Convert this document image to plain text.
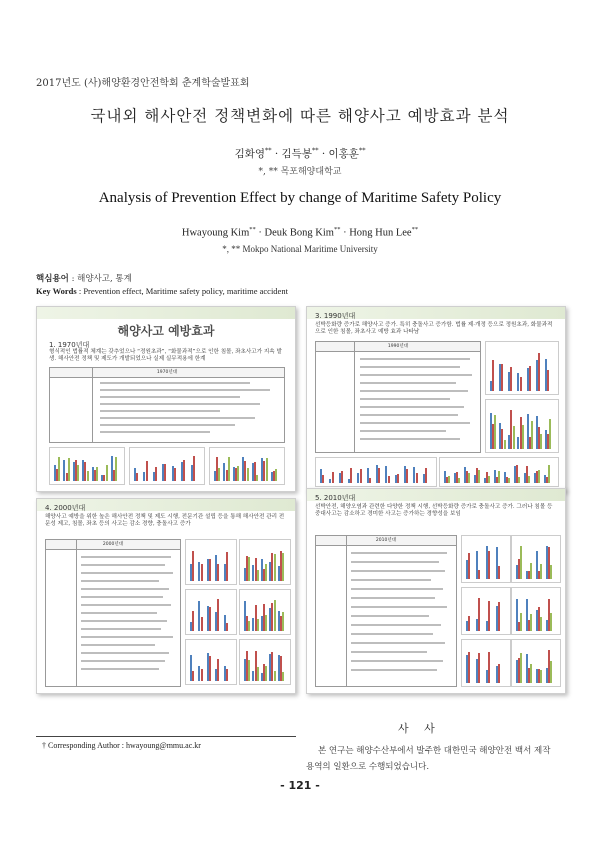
2017년도 (사)해양환경안전학회 춘계학술발표회
국내외 해사안전 정책변화에 따른 해양사고 예방효과 분석
김화영** · 김득봉** · 이홍훈**
*, ** 목포해양대학교
Analysis of Prevention Effect by change of Maritime Safety Policy
Hwayoung Kim** · Deuk Bong Kim** · Hong Hun Lee**
*, ** Mokpo National Maritime University
핵심용어 : 해양사고, 통계
Key Words : Prevention effect, Maritime safety policy, maritime accident
해양사고 예방효과
1. 1970년대
형식적인 법률적 체계는 갖추었으나 “정원초과”, “화물과적”으로 인한 침몰, 좌초사고가 지속 발생. 해사안전 정책 및 제도가 개발되었으나 실제 실무적용에 한계
1970년대
3. 1990년대
선박등화량 증가로 해양사고 증가. 특히 충돌사고 증가함. 법률 제·개정 등으로 정원초과, 화물과적으로 인한 침몰, 좌초사고 예방 효과 나타남
1990년대
4. 2000년대
해양사고 예방을 위한 높은 해사안전 정책 및 제도 시행, 전문기관 설립 등을 통해 해사안전 관리 전문성 제고, 침몰, 좌초 등의 사고는 감소 경향, 충돌사고 증가
2000년대
5. 2010년대
선박안전, 해양오염과 관련한 다양한 정책 시행, 선박등화량 증가로 충돌사고 증가. 그러나 침몰 등 중대사고는 감소하고 경미한 사고는 증가하는 경향성을 보임
2010년대
사 사
본 연구는 해양수산부에서 발주한 대한민국 해양안전 백서 제작 용역의 일환으로 수행되었습니다.
† Corresponding Author : hwayoung@mmu.ac.kr
- 121 -
